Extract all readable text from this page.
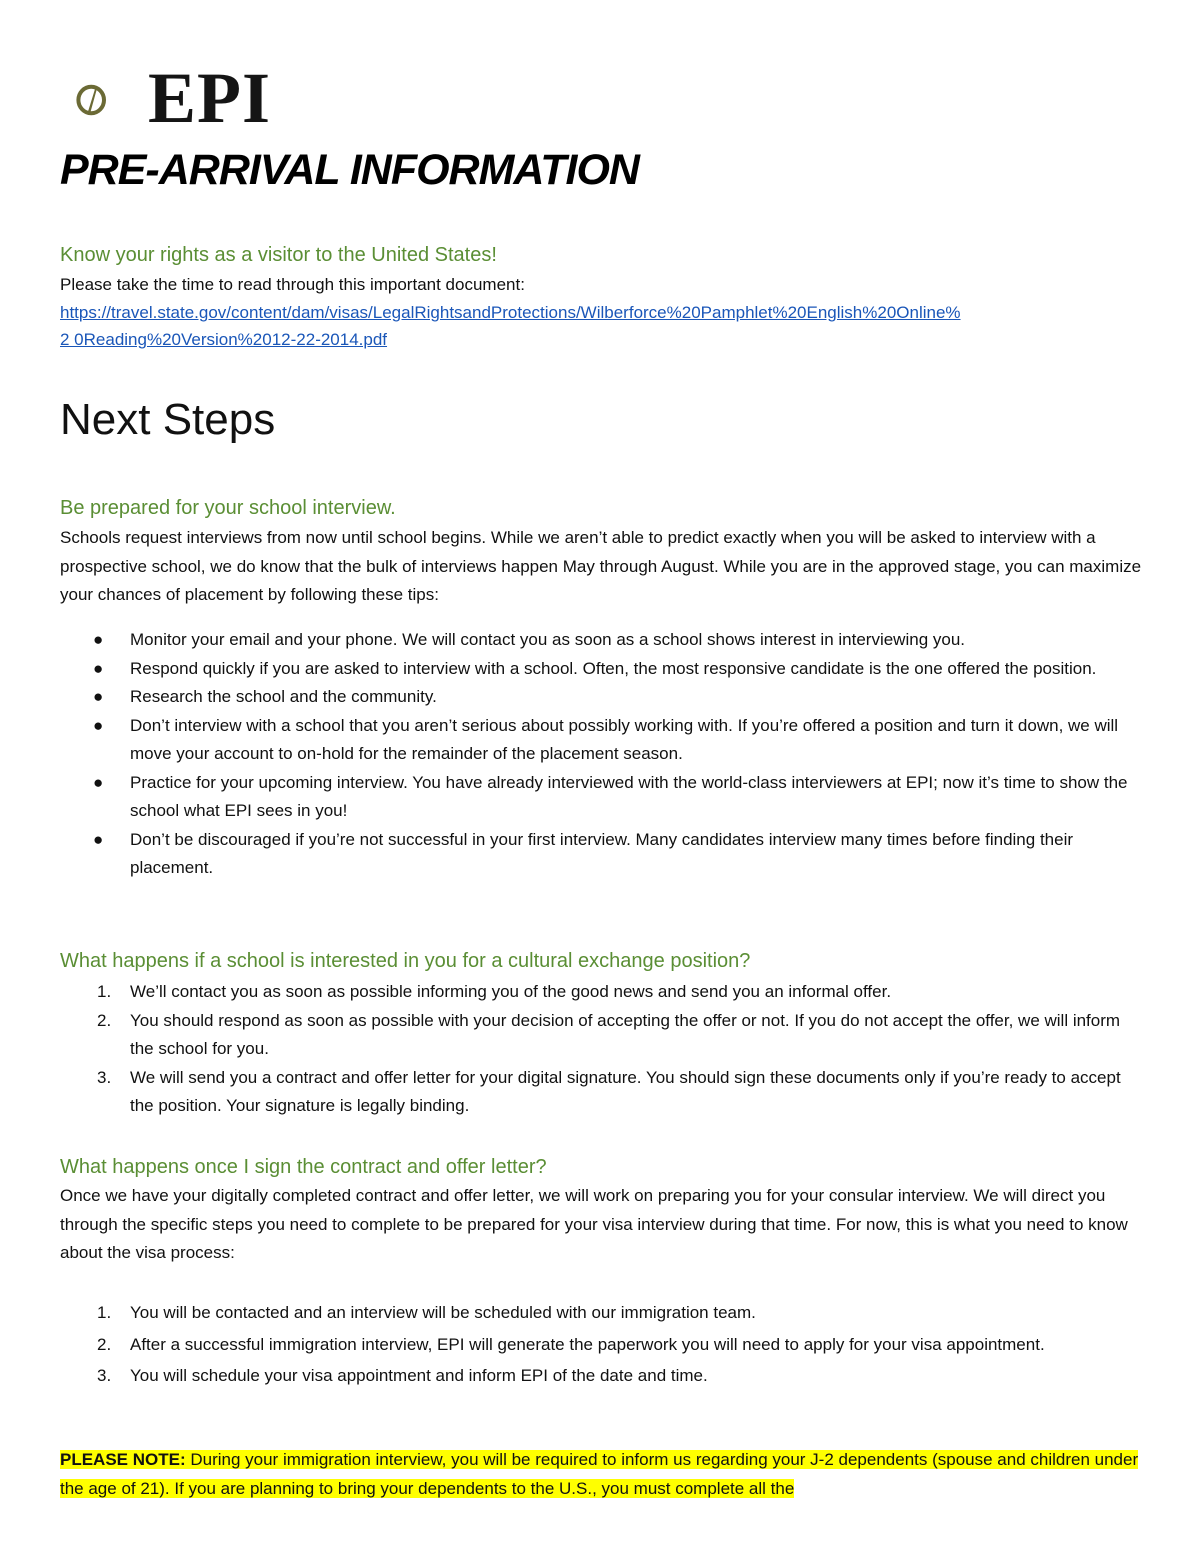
EPI
PRE-ARRIVAL INFORMATION
Know your rights as a visitor to the United States!
Please take the time to read through this important document:
https://travel.state.gov/content/dam/visas/LegalRightsandProtections/Wilberforce%20Pamphlet%20English%20Online%
2 0Reading%20Version%2012-22-2014.pdf
Next Steps
Be prepared for your school interview.
Schools request interviews from now until school begins. While we aren’t able to predict exactly when you will be asked to interview with a prospective school, we do know that the bulk of interviews happen May through August. While you are in the approved stage, you can maximize your chances of placement by following these tips:
● Monitor your email and your phone. We will contact you as soon as a school shows interest in interviewing you.
● Respond quickly if you are asked to interview with a school. Often, the most responsive candidate is the one offered the position.
● Research the school and the community.
● Don’t interview with a school that you aren’t serious about possibly working with. If you’re offered a position and turn it down, we will move your account to on-hold for the remainder of the placement season.
● Practice for your upcoming interview. You have already interviewed with the world-class interviewers at EPI; now it’s time to show the school what EPI sees in you!
● Don’t be discouraged if you’re not successful in your first interview. Many candidates interview many times before finding their placement.
What happens if a school is interested in you for a cultural exchange position?
1. We’ll contact you as soon as possible informing you of the good news and send you an informal offer.
2. You should respond as soon as possible with your decision of accepting the offer or not. If you do not accept the offer, we will inform the school for you.
3. We will send you a contract and offer letter for your digital signature. You should sign these documents only if you’re ready to accept the position. Your signature is legally binding.
What happens once I sign the contract and offer letter?
Once we have your digitally completed contract and offer letter, we will work on preparing you for your consular interview. We will direct you through the specific steps you need to complete to be prepared for your visa interview during that time. For now, this is what you need to know about the visa process:
1. You will be contacted and an interview will be scheduled with our immigration team.
2. After a successful immigration interview, EPI will generate the paperwork you will need to apply for your visa appointment.
3. You will schedule your visa appointment and inform EPI of the date and time.
PLEASE NOTE: During your immigration interview, you will be required to inform us regarding your J-2 dependents (spouse and children under the age of 21). If you are planning to bring your dependents to the U.S., you must complete all the
